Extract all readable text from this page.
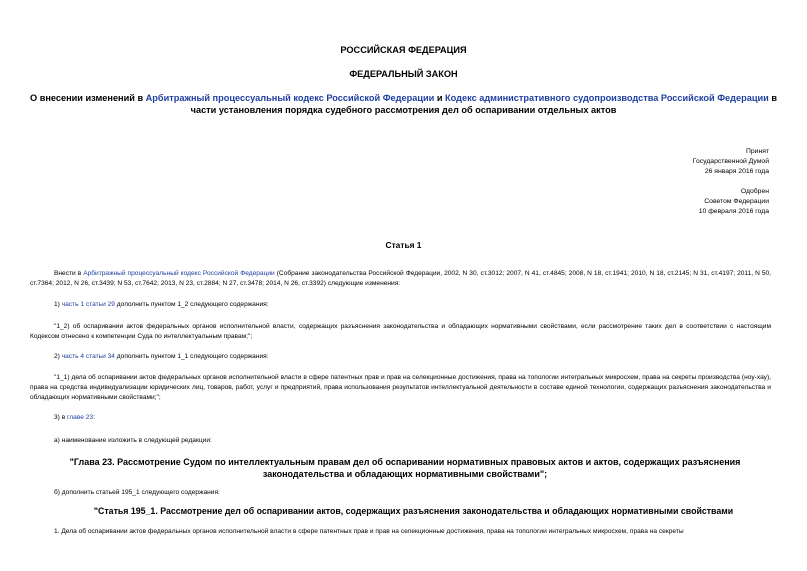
РОССИЙСКАЯ ФЕДЕРАЦИЯ
ФЕДЕРАЛЬНЫЙ ЗАКОН
О внесении изменений в Арбитражный процессуальный кодекс Российской Федерации и Кодекс административного судопроизводства Российской Федерации в части установления порядка судебного рассмотрения дел об оспаривании отдельных актов
Принят
Государственной Думой
26 января 2016 года
Одобрен
Советом Федерации
10 февраля 2016 года
Статья 1
Внести в Арбитражный процессуальный кодекс Российской Федерации (Собрание законодательства Российской Федерации, 2002, N 30, ст.3012; 2007, N 41, ст.4845; 2008, N 18, ст.1941; 2010, N 18, ст.2145; N 31, ст.4197; 2011, N 50, ст.7364; 2012, N 26, ст.3439; N 53, ст.7642; 2013, N 23, ст.2884; N 27, ст.3478; 2014, N 26, ст.3392) следующие изменения:
1) часть 1 статьи 29 дополнить пунктом 1_2 следующего содержания:
"1_2) об оспаривании актов федеральных органов исполнительной власти, содержащих разъяснения законодательства и обладающих нормативными свойствами, если рассмотрение таких дел в соответствии с настоящим Кодексом отнесено к компетенции Суда по интеллектуальным правам;";
2) часть 4 статьи 34 дополнить пунктом 1_1 следующего содержания:
"1_1) дела об оспаривании актов федеральных органов исполнительной власти в сфере патентных прав и прав на селекционные достижения, права на топологии интегральных микросхем, права на секреты производства (ноу-хау), права на средства индивидуализации юридических лиц, товаров, работ, услуг и предприятий, права использования результатов интеллектуальной деятельности в составе единой технологии, содержащих разъяснения законодательства и обладающих нормативными свойствами;";
3) в главе 23:
а) наименование изложить в следующей редакции:
"Глава 23. Рассмотрение Судом по интеллектуальным правам дел об оспаривании нормативных правовых актов и актов, содержащих разъяснения законодательства и обладающих нормативными свойствами";
б) дополнить статьей 195_1 следующего содержания:
"Статья 195_1. Рассмотрение дел об оспаривании актов, содержащих разъяснения законодательства и обладающих нормативными свойствами
1. Дела об оспаривании актов федеральных органов исполнительной власти в сфере патентных прав и прав на селекционные достижения, права на топологии интегральных микросхем, права на секреты
